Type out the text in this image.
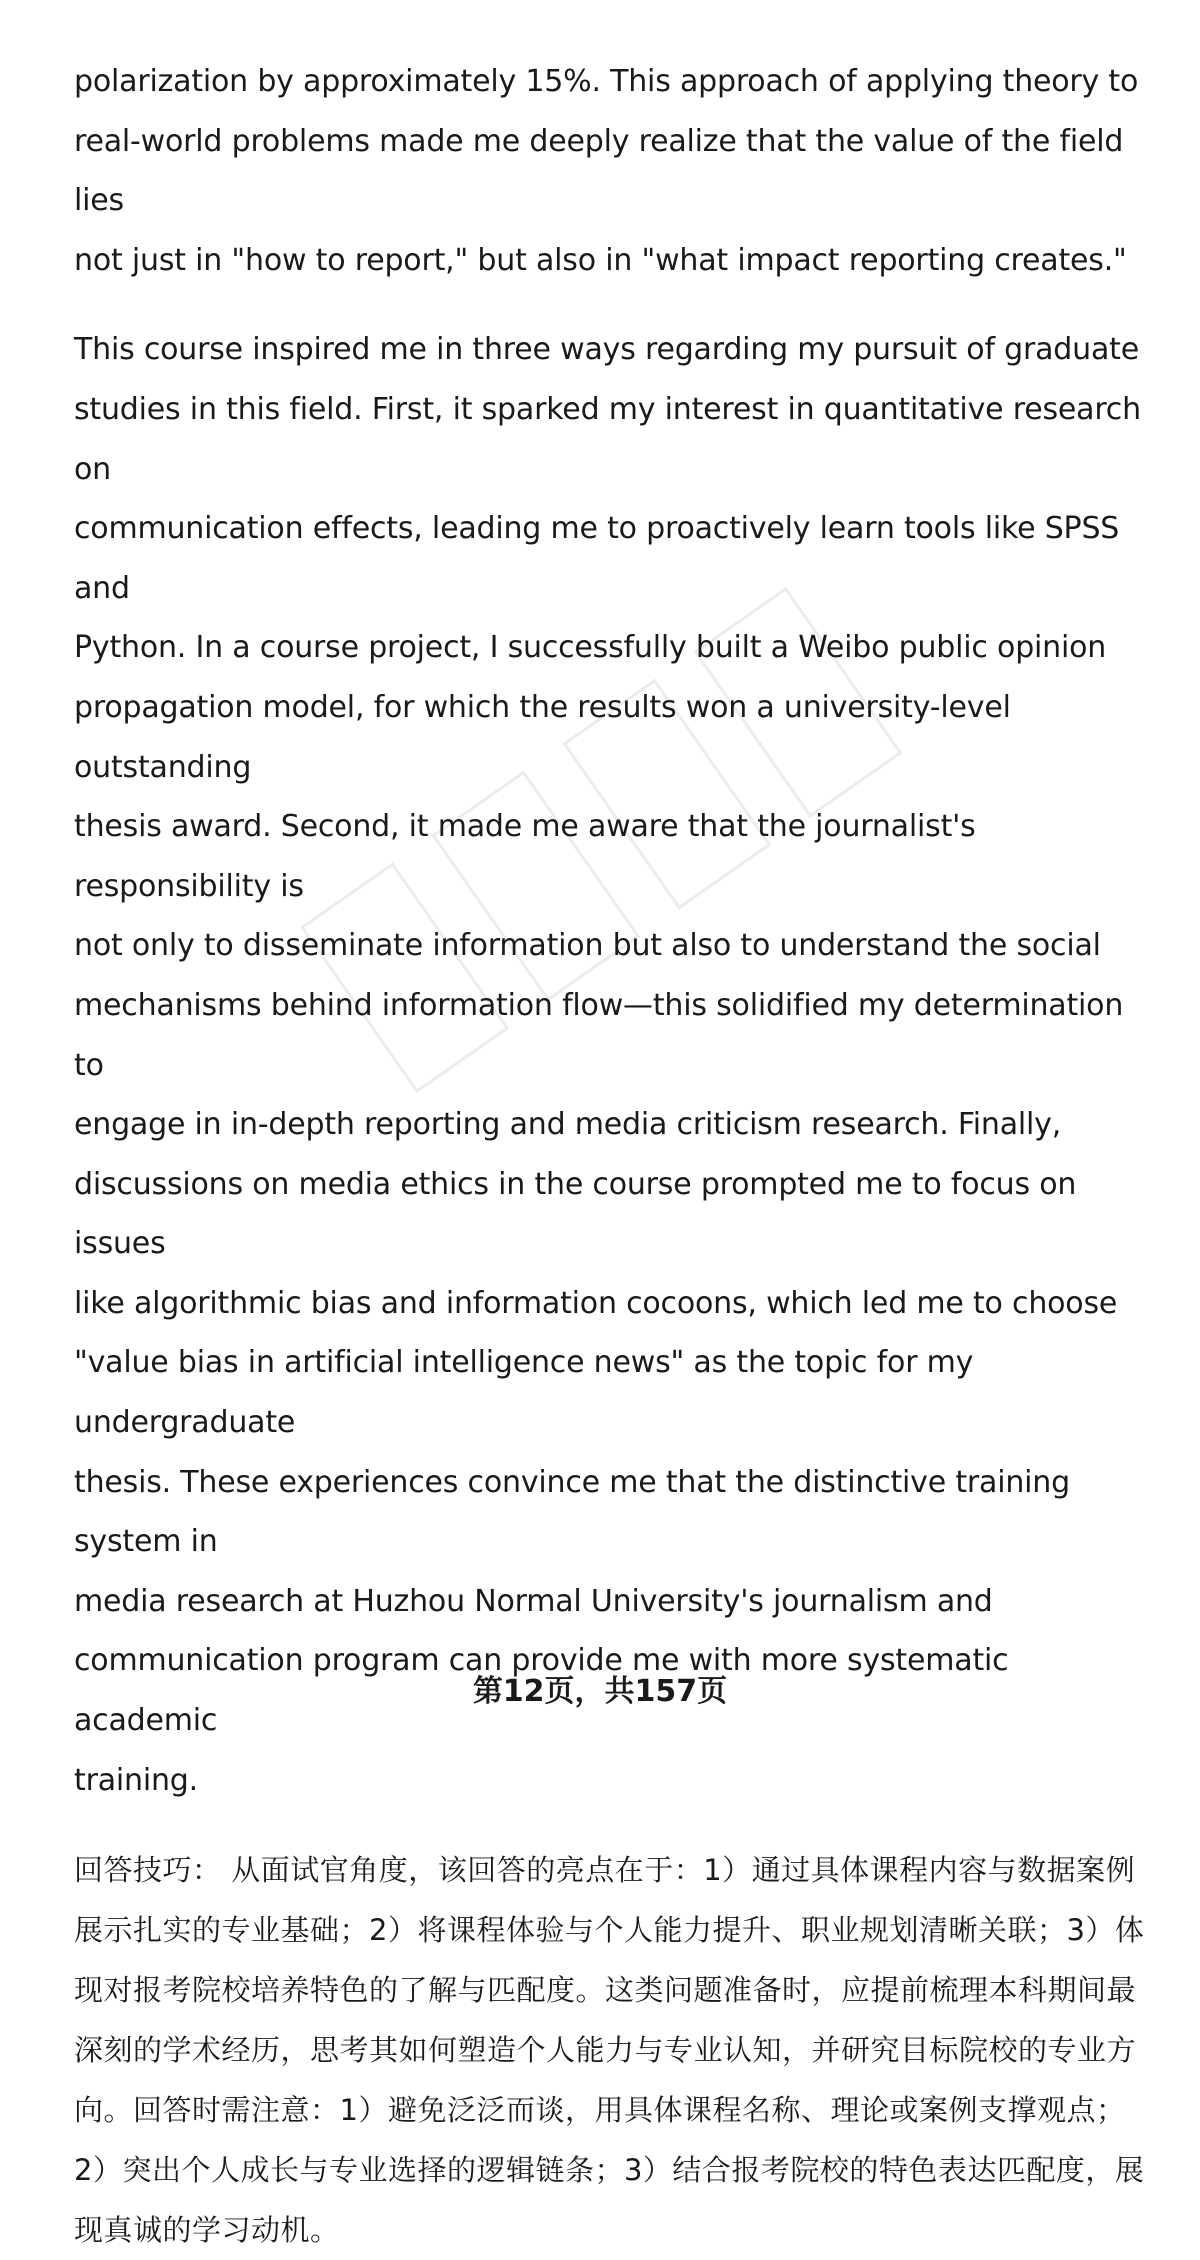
polarization by approximately 15%. This approach of applying theory to
real-world problems made me deeply realize that the value of the field lies
not just in "how to report," but also in "what impact reporting creates."

This course inspired me in three ways regarding my pursuit of graduate
studies in this field. First, it sparked my interest in quantitative research on
communication effects, leading me to proactively learn tools like SPSS and
Python. In a course project, I successfully built a Weibo public opinion
propagation model, for which the results won a university-level outstanding
thesis award. Second, it made me aware that the journalist's responsibility is
not only to disseminate information but also to understand the social
mechanisms behind information flow—this solidified my determination to
engage in in-depth reporting and media criticism research. Finally,
discussions on media ethics in the course prompted me to focus on issues
like algorithmic bias and information cocoons, which led me to choose
"value bias in artificial intelligence news" as the topic for my undergraduate
thesis. These experiences convince me that the distinctive training system in
media research at Huzhou Normal University's journalism and
communication program can provide me with more systematic academic
training.

回答技巧： 从面试官角度，该回答的亮点在于：1）通过具体课程内容与数据案例
展示扎实的专业基础；2）将课程体验与个人能力提升、职业规划清晰关联；3）体
现对报考院校培养特色的了解与匹配度。这类问题准备时，应提前梳理本科期间最
深刻的学术经历，思考其如何塑造个人能力与专业认知，并研究目标院校的专业方
向。回答时需注意：1）避免泛泛而谈，用具体课程名称、理论或案例支撑观点；
2）突出个人成长与专业选择的逻辑链条；3）结合报考院校的特色表达匹配度，展
现真诚的学习动机。

第12页，共157页
